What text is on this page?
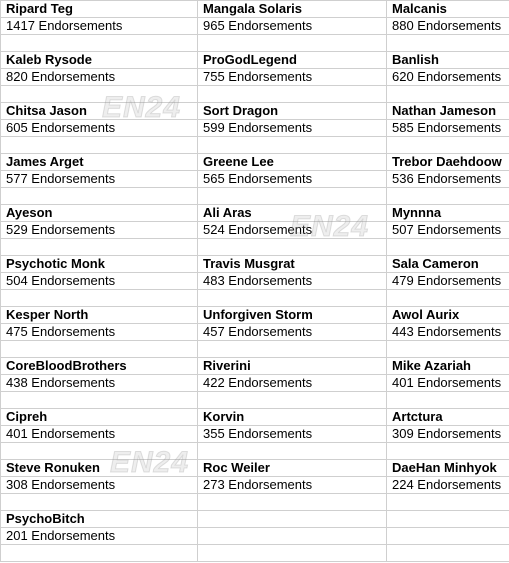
Ripard Teg	Mangala Solaris	Malcanis
1417 Endorsements	965 Endorsements	880 Endorsements

Kaleb Rysode	ProGodLegend	Banlish
820 Endorsements	755 Endorsements	620 Endorsements

Chitsa Jason	Sort Dragon	Nathan Jameson
605 Endorsements	599 Endorsements	585 Endorsements

James Arget	Greene Lee	Trebor Daehdoow
577 Endorsements	565 Endorsements	536 Endorsements

Ayeson	Ali Aras	Mynnna
529 Endorsements	524 Endorsements	507 Endorsements

Psychotic Monk	Travis Musgrat	Sala Cameron
504 Endorsements	483 Endorsements	479 Endorsements

Kesper North	Unforgiven Storm	Awol Aurix
475 Endorsements	457 Endorsements	443 Endorsements

CoreBloodBrothers	Riverini	Mike Azariah
438 Endorsements	422 Endorsements	401 Endorsements

Cipreh	Korvin	Artctura
401 Endorsements	355 Endorsements	309 Endorsements

Steve Ronuken	Roc Weiler	DaeHan Minhyok
308 Endorsements	273 Endorsements	224 Endorsements

PsychoBitch		
201 Endorsements		

EN24
EN24
EN24
